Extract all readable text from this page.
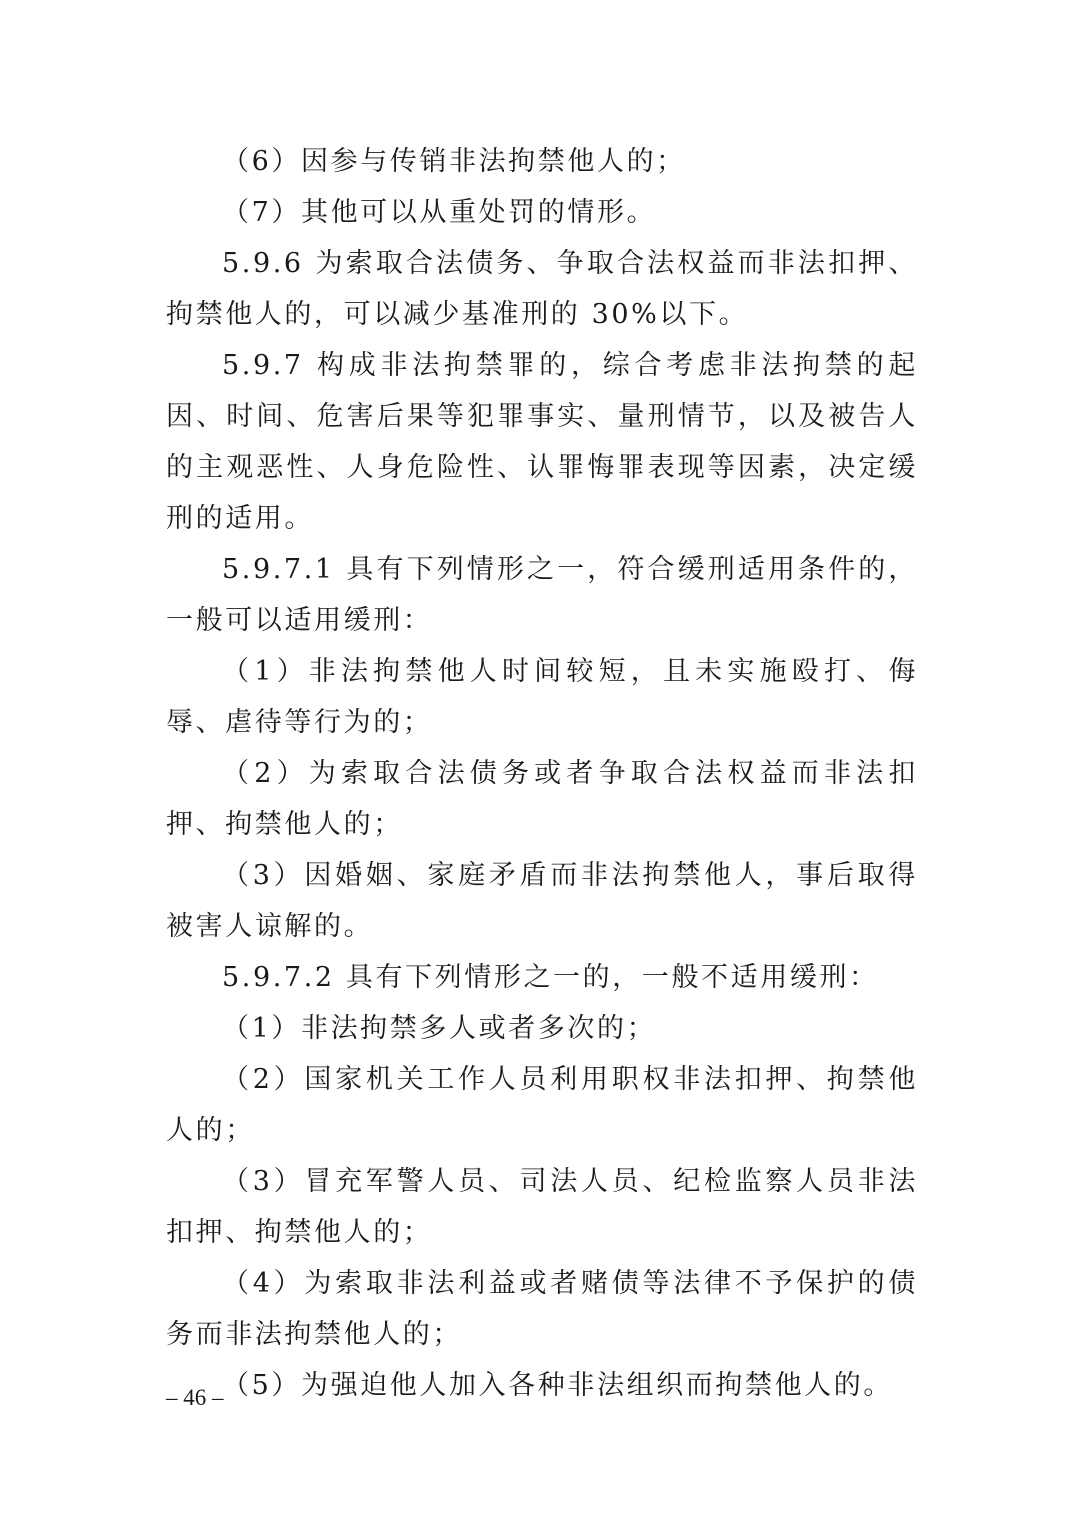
（6）因参与传销非法拘禁他人的；

（7）其他可以从重处罚的情形。

5.9.6 为索取合法债务、争取合法权益而非法扣押、拘禁他人的，可以减少基准刑的 30%以下。

5.9.7 构成非法拘禁罪的，综合考虑非法拘禁的起因、时间、危害后果等犯罪事实、量刑情节，以及被告人的主观恶性、人身危险性、认罪悔罪表现等因素，决定缓刑的适用。

5.9.7.1 具有下列情形之一，符合缓刑适用条件的，一般可以适用缓刑：

（1）非法拘禁他人时间较短，且未实施殴打、侮辱、虐待等行为的；

（2）为索取合法债务或者争取合法权益而非法扣押、拘禁他人的；

（3）因婚姻、家庭矛盾而非法拘禁他人，事后取得被害人谅解的。

5.9.7.2 具有下列情形之一的，一般不适用缓刑：

（1）非法拘禁多人或者多次的；

（2）国家机关工作人员利用职权非法扣押、拘禁他人的；

（3）冒充军警人员、司法人员、纪检监察人员非法扣押、拘禁他人的；

（4）为索取非法利益或者赌债等法律不予保护的债务而非法拘禁他人的；

（5）为强迫他人加入各种非法组织而拘禁他人的。

– 46 –
